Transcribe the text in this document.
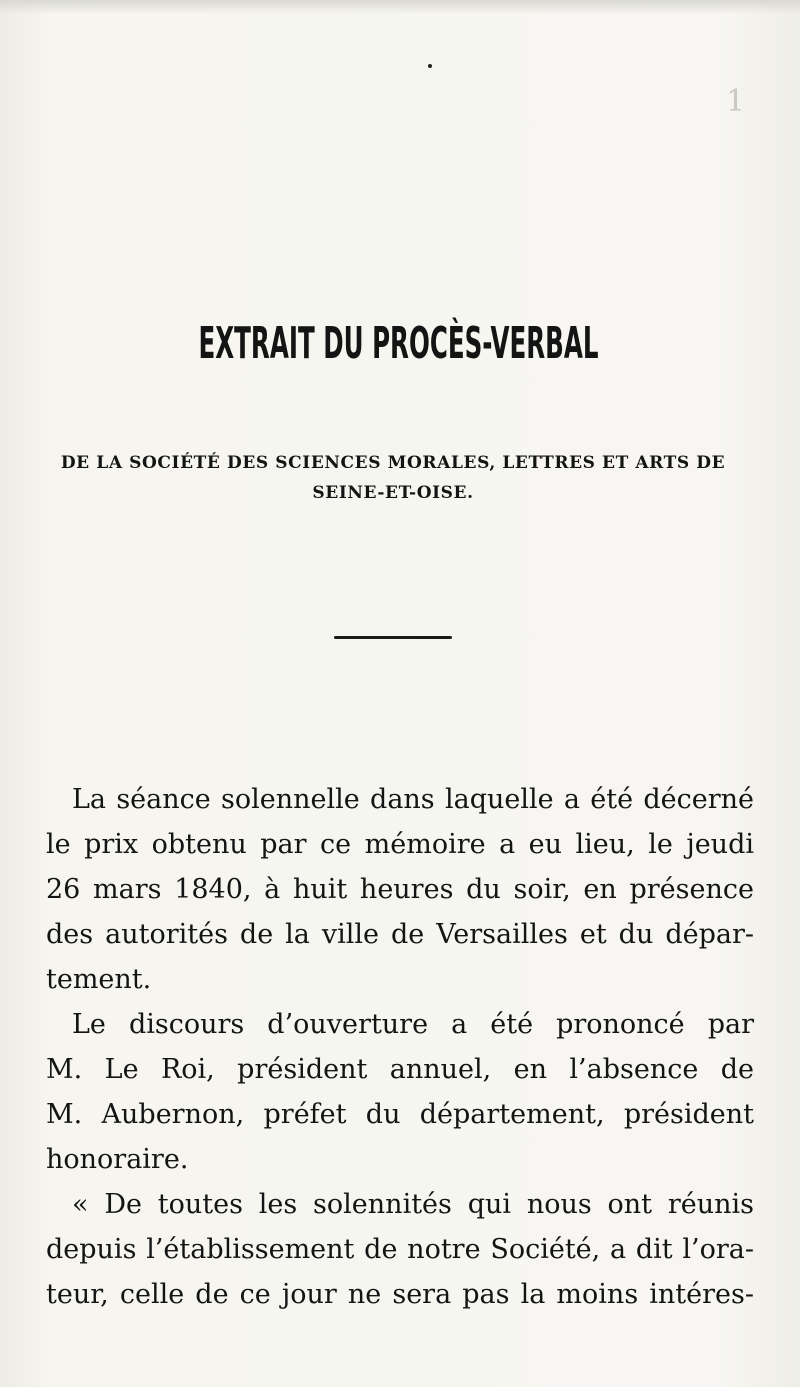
1
EXTRAIT DU PROCÈS-VERBAL
DE LA SOCIÉTÉ DES SCIENCES MORALES, LETTRES ET ARTS DE
SEINE-ET-OISE.

La séance solennelle dans laquelle a été décerné
le prix obtenu par ce mémoire a eu lieu, le jeudi
26 mars 1840, à huit heures du soir, en présence
des autorités de la ville de Versailles et du dépar-
tement.

Le discours d’ouverture a été prononcé par
M. Le Roi, président annuel, en l’absence de
M. Aubernon, préfet du département, président
honoraire.

« De toutes les solennités qui nous ont réunis
depuis l’établissement de notre Société, a dit l’ora-
teur, celle de ce jour ne sera pas la moins intéres-
